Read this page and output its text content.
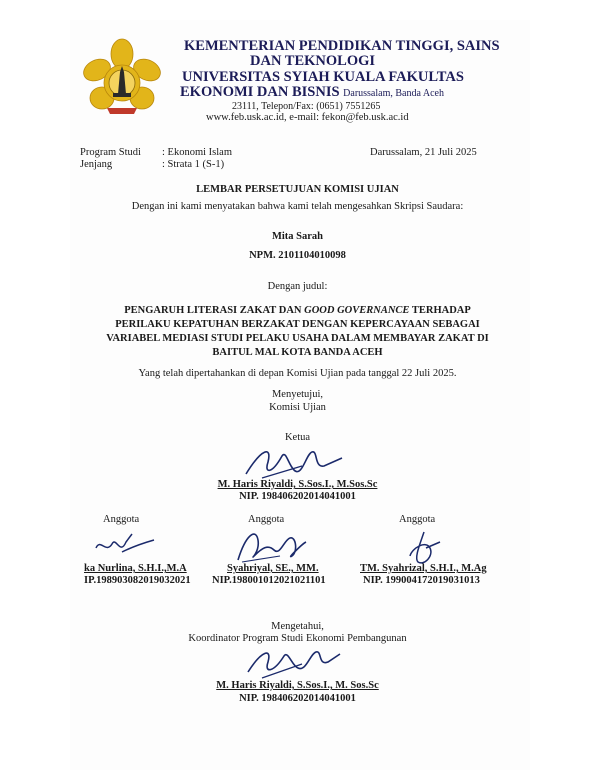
KEMENTERIAN PENDIDIKAN TINGGI, SAINS
DAN TEKNOLOGI
UNIVERSITAS SYIAH KUALA FAKULTAS
EKONOMI DAN BISNIS Darussalam, Banda Aceh
23111, Telepon/Fax: (0651) 7551265
www.feb.usk.ac.id, e-mail: fekon@feb.usk.ac.id
Program Studi : Ekonomi Islam
Jenjang	: Strata 1 (S-1)
Darussalam, 21 Juli 2025
LEMBAR PERSETUJUAN KOMISI UJIAN
Dengan ini kami menyatakan bahwa kami telah mengesahkan Skripsi Saudara:
Mita Sarah
NPM. 2101104010098
Dengan judul:
PENGARUH LITERASI ZAKAT DAN GOOD GOVERNANCE TERHADAP
PERILAKU KEPATUHAN BERZAKAT DENGAN KEPERCAYAAN SEBAGAI
VARIABEL MEDIASI STUDI PELAKU USAHA DALAM MEMBAYAR ZAKAT DI
BAITUL MAL KOTA BANDA ACEH
Yang telah dipertahankan di depan Komisi Ujian pada tanggal 22 Juli 2025.
Menyetujui,
Komisi Ujian
Ketua
M. Haris Riyaldi, S.Sos.I., M.Sos.Sc
NIP. 198406202014041001
Anggota	Anggota	Anggota
ka Nurlina, S.H.I.,M.A
IP.198903082019032021
Syahriyal, SE., MM.
NIP.198001012021021101
TM. Syahrizal, S.H.I., M.Ag
NIP. 199004172019031013
Mengetahui,
Koordinator Program Studi Ekonomi Pembangunan
M. Haris Riyaldi, S.Sos.I., M. Sos.Sc
NIP. 198406202014041001
